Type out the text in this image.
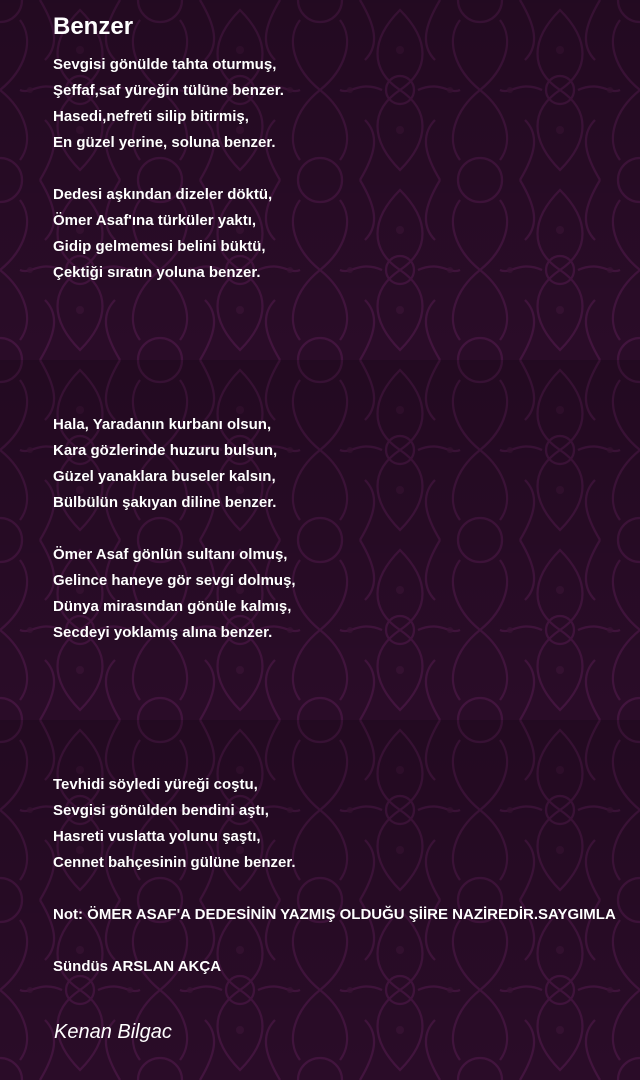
Benzer
Sevgisi gönülde tahta oturmuş,
Şeffaf,saf yüreğin tülüne benzer.
Hasedi,nefreti silip bitirmiş,
En güzel yerine, soluna benzer.
Dedesi aşkından dizeler döktü,
Ömer Asaf'ına türküler yaktı,
Gidip gelmemesi belini büktü,
Çektiği sıratın yoluna benzer.
Hala, Yaradanın kurbanı olsun,
Kara gözlerinde huzuru bulsun,
Güzel yanaklara buseler kalsın,
Bülbülün şakıyan diline benzer.
Ömer Asaf gönlün sultanı olmuş,
Gelince haneye gör sevgi dolmuş,
Dünya mirasından gönüle kalmış,
Secdeyi yoklamış alına benzer.
Tevhidi söyledi yüreği coştu,
Sevgisi gönülden bendini aştı,
Hasreti vuslatta yolunu şaştı,
Cennet bahçesinin gülüne benzer.
Not: ÖMER ASAF'A DEDESİNİN YAZMIŞ OLDUĞU ŞİİRE NAZİREDİR.SAYGIMLA
Sündüs ARSLAN AKÇA
Kenan Bilgac
